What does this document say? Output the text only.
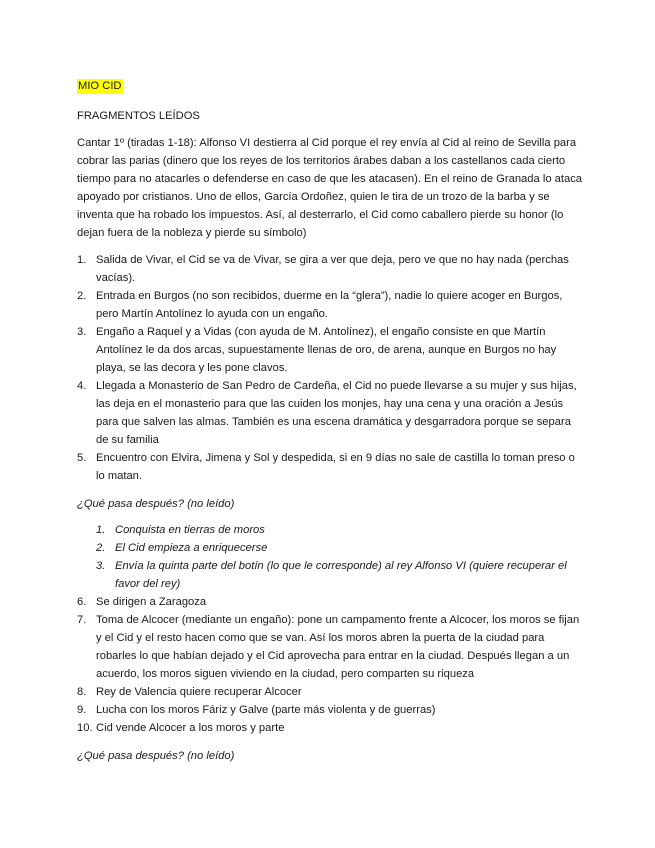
MIO CID
FRAGMENTOS LEÍDOS
Cantar 1º (tiradas 1-18): Alfonso VI destierra al Cid porque el rey envía al Cid al reino de Sevilla para cobrar las parias (dinero que los reyes de los territorios árabes daban a los castellanos cada cierto tiempo para no atacarles o defenderse en caso de que les atacasen). En el reino de Granada lo ataca apoyado por cristianos. Uno de ellos, García Ordoñez, quien le tira de un trozo de la barba y se inventa que ha robado los impuestos. Así, al desterrarlo, el Cid como caballero pierde su honor (lo dejan fuera de la nobleza y pierde su símbolo)
1. Salida de Vivar, el Cid se va de Vivar, se gira a ver que deja, pero ve que no hay nada (perchas vacías).
2. Entrada en Burgos (no son recibidos, duerme en la “glera”), nadie lo quiere acoger en Burgos, pero Martín Antolínez lo ayuda con un engaño.
3. Engaño a Raquel y a Vidas (con ayuda de M. Antolínez), el engaño consiste en que Martín Antolínez le da dos arcas, supuestamente llenas de oro, de arena, aunque en Burgos no hay playa, se las decora y les pone clavos.
4. Llegada a Monasterio de San Pedro de Cardeña, el Cid no puede llevarse a su mujer y sus hijas, las deja en el monasterio para que las cuiden los monjes, hay una cena y una oración a Jesús para que salven las almas. También es una escena dramática y desgarradora porque se separa de su familia
5. Encuentro con Elvira, Jimena y Sol y despedida, si en 9 días no sale de castilla lo toman preso o lo matan.
¿Qué pasa después? (no leído)
1. Conquista en tierras de moros
2. El Cid empieza a enriquecerse
3. Envía la quinta parte del botín (lo que le corresponde) al rey Alfonso VI (quiere recuperar el favor del rey)
6. Se dirigen a Zaragoza
7. Toma de Alcocer (mediante un engaño): pone un campamento frente a Alcocer, los moros se fijan y el Cid y el resto hacen como que se van. Así los moros abren la puerta de la ciudad para robarles lo que habían dejado y el Cid aprovecha para entrar en la ciudad. Después llegan a un acuerdo, los moros siguen viviendo en la ciudad, pero comparten su riqueza
8. Rey de Valencia quiere recuperar Alcocer
9. Lucha con los moros Fáriz y Galve (parte más violenta y de guerras)
10. Cid vende Alcocer a los moros y parte
¿Qué pasa después? (no leído)
